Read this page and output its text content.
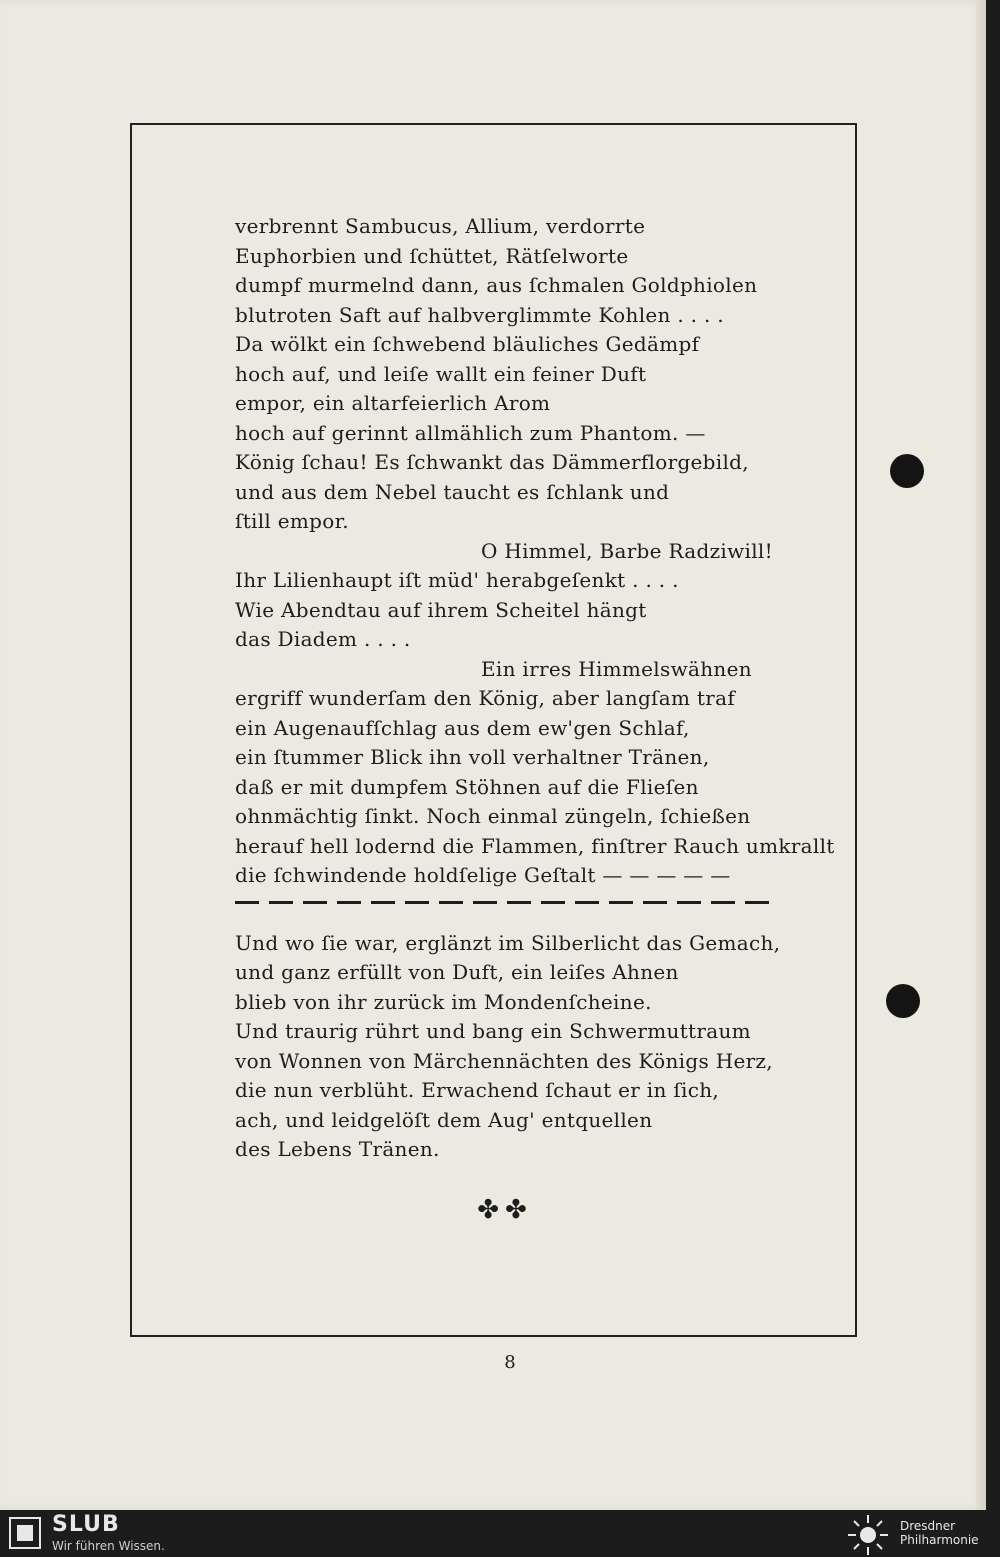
verbrennt Sambucus, Allium, verdorrte
Euphorbien und ſchüttet, Rätſelworte
dumpf murmelnd dann, aus ſchmalen Goldphiolen
blutroten Saft auf halbverglimmte Kohlen . . . .
Da wölkt ein ſchwebend bläuliches Gedämpf
hoch auf, und leiſe wallt ein feiner Duft
empor, ein altarfeierlich Arom
hoch auf gerinnt allmählich zum Phantom. —
König ſchau! Es ſchwankt das Dämmerflorgebild,
und aus dem Nebel taucht es ſchlank und
ſtill empor.
O Himmel, Barbe Radziwill!
Ihr Lilienhaupt iſt müd' herabgeſenkt . . . .
Wie Abendtau auf ihrem Scheitel hängt
das Diadem . . . .
Ein irres Himmelswähnen
ergriff wunderſam den König, aber langſam traf
ein Augenaufſchlag aus dem ew'gen Schlaf,
ein ſtummer Blick ihn voll verhaltner Tränen,
daß er mit dumpfem Stöhnen auf die Flieſen
ohnmächtig ſinkt. Noch einmal züngeln, ſchießen
herauf hell lodernd die Flammen, finſtrer Rauch umkrallt
die ſchwindende holdſelige Geſtalt — — — — —
Und wo ſie war, erglänzt im Silberlicht das Gemach,
und ganz erfüllt von Duft, ein leiſes Ahnen
blieb von ihr zurück im Mondenſcheine.
Und traurig rührt und bang ein Schwermuttraum
von Wonnen von Märchennächten des Königs Herz,
die nun verblüht. Erwachend ſchaut er in ſich,
ach, und leidgelöſt dem Aug' entquellen
des Lebens Tränen.
✤✤
8
SLUB
Wir führen Wissen.
Dresdner
Philharmonie
